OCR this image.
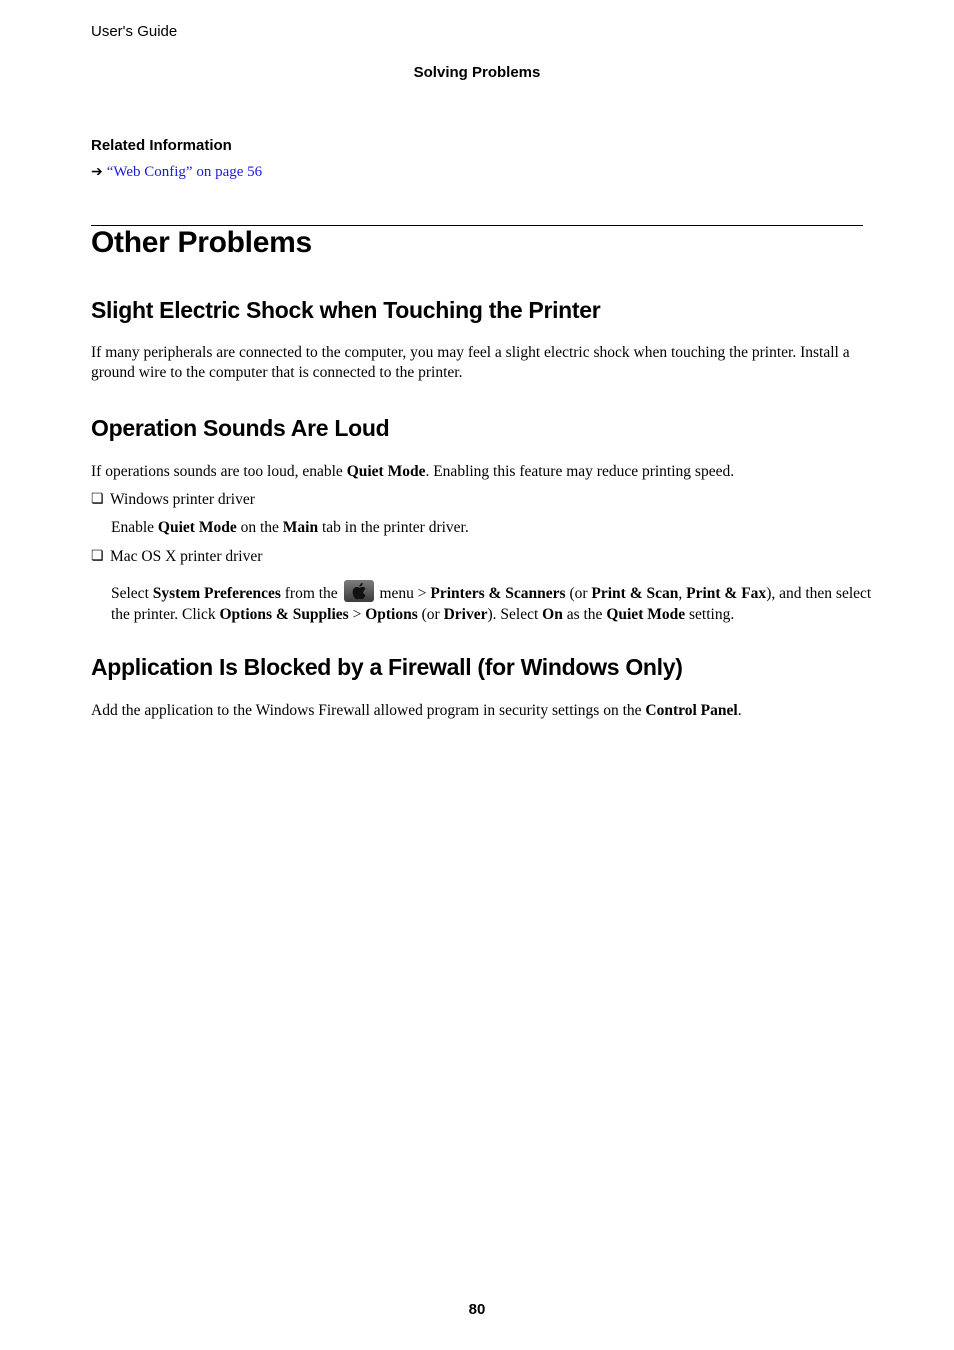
User's Guide
Solving Problems
Related Information
➔ “Web Config” on page 56
Other Problems
Slight Electric Shock when Touching the Printer
If many peripherals are connected to the computer, you may feel a slight electric shock when touching the printer. Install a ground wire to the computer that is connected to the printer.
Operation Sounds Are Loud
If operations sounds are too loud, enable Quiet Mode. Enabling this feature may reduce printing speed.
❏ Windows printer driver
Enable Quiet Mode on the Main tab in the printer driver.
❏ Mac OS X printer driver
Select System Preferences from the
menu > Printers & Scanners (or Print & Scan, Print & Fax), and then select the printer. Click Options & Supplies > Options (or Driver). Select On as the Quiet Mode setting.
Application Is Blocked by a Firewall (for Windows Only)
Add the application to the Windows Firewall allowed program in security settings on the Control Panel.
80
